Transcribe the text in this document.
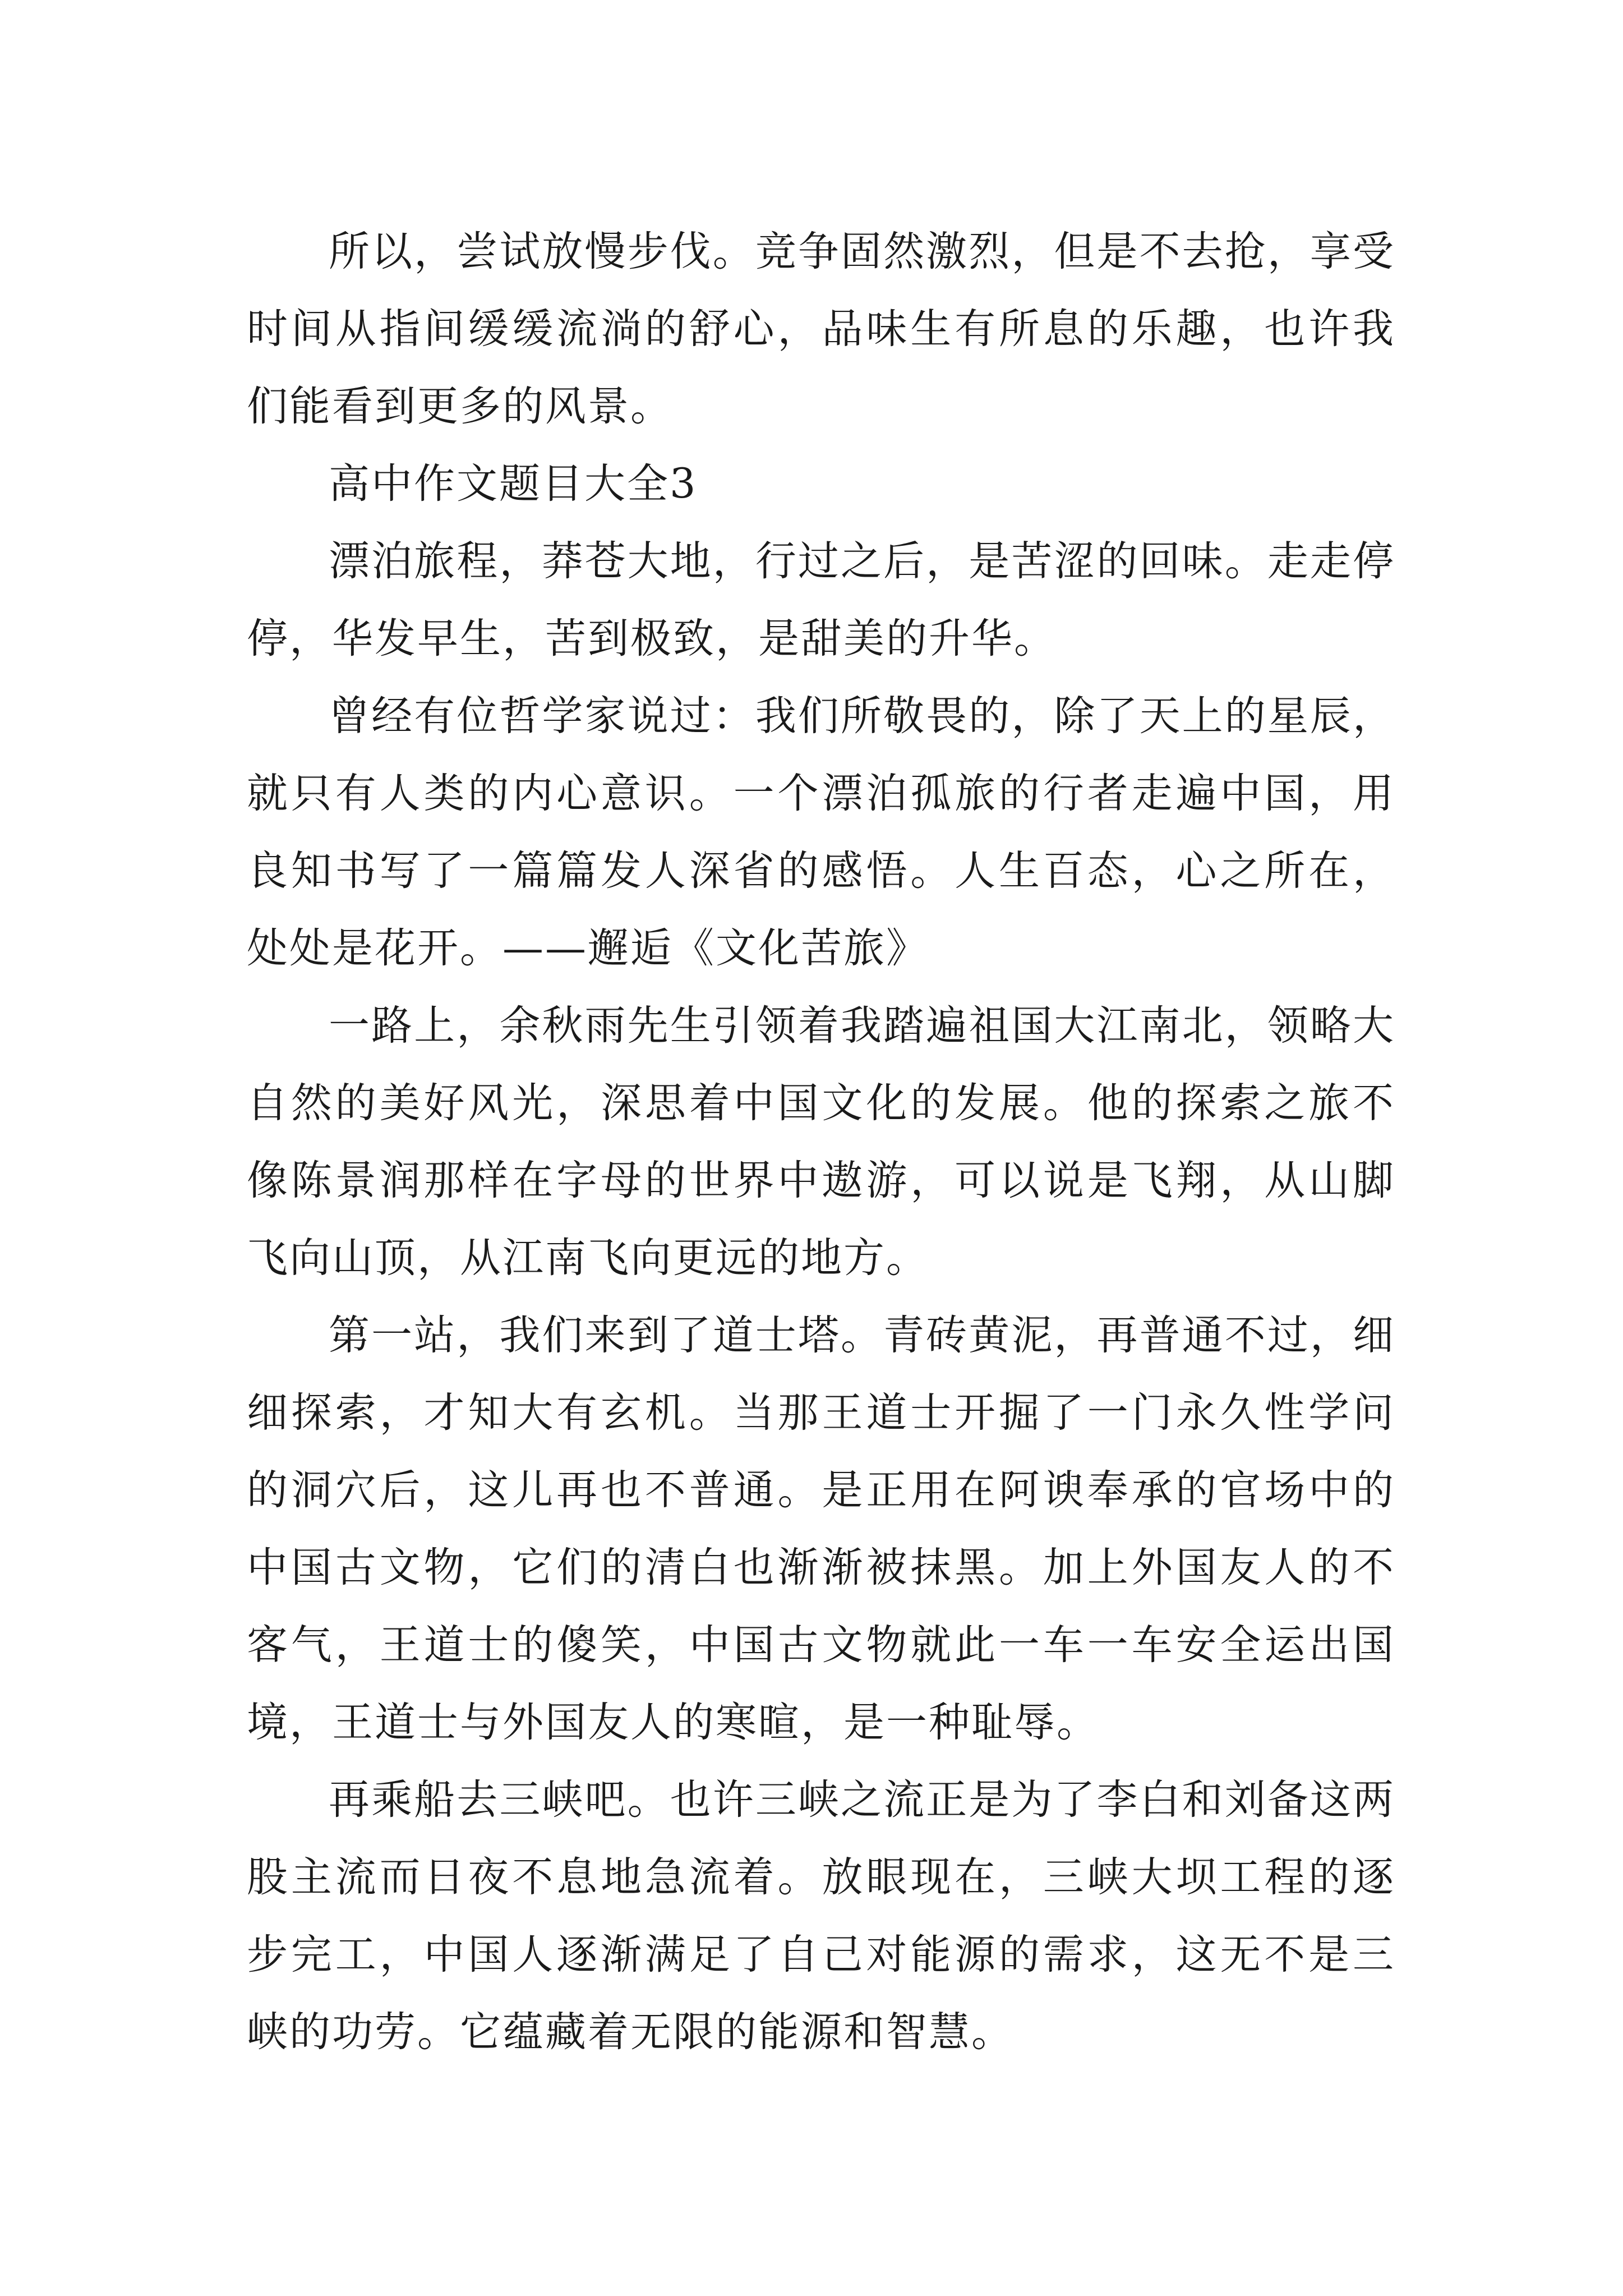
所以，尝试放慢步伐。竞争固然激烈，但是不去抢，享受时间从指间缓缓流淌的舒心，品味生有所息的乐趣，也许我们能看到更多的风景。

高中作文题目大全3

漂泊旅程，莽苍大地，行过之后，是苦涩的回味。走走停停，华发早生，苦到极致，是甜美的升华。

曾经有位哲学家说过：我们所敬畏的，除了天上的星辰，就只有人类的内心意识。一个漂泊孤旅的行者走遍中国，用良知书写了一篇篇发人深省的感悟。人生百态，心之所在，处处是花开。——邂逅《文化苦旅》

一路上，余秋雨先生引领着我踏遍祖国大江南北，领略大自然的美好风光，深思着中国文化的发展。他的探索之旅不像陈景润那样在字母的世界中遨游，可以说是飞翔，从山脚飞向山顶，从江南飞向更远的地方。

第一站，我们来到了道士塔。青砖黄泥，再普通不过，细细探索，才知大有玄机。当那王道士开掘了一门永久性学问的洞穴后，这儿再也不普通。是正用在阿谀奉承的官场中的中国古文物，它们的清白也渐渐被抹黑。加上外国友人的不客气，王道士的傻笑，中国古文物就此一车一车安全运出国境，王道士与外国友人的寒暄，是一种耻辱。

再乘船去三峡吧。也许三峡之流正是为了李白和刘备这两股主流而日夜不息地急流着。放眼现在，三峡大坝工程的逐步完工，中国人逐渐满足了自己对能源的需求，这无不是三峡的功劳。它蕴藏着无限的能源和智慧。
